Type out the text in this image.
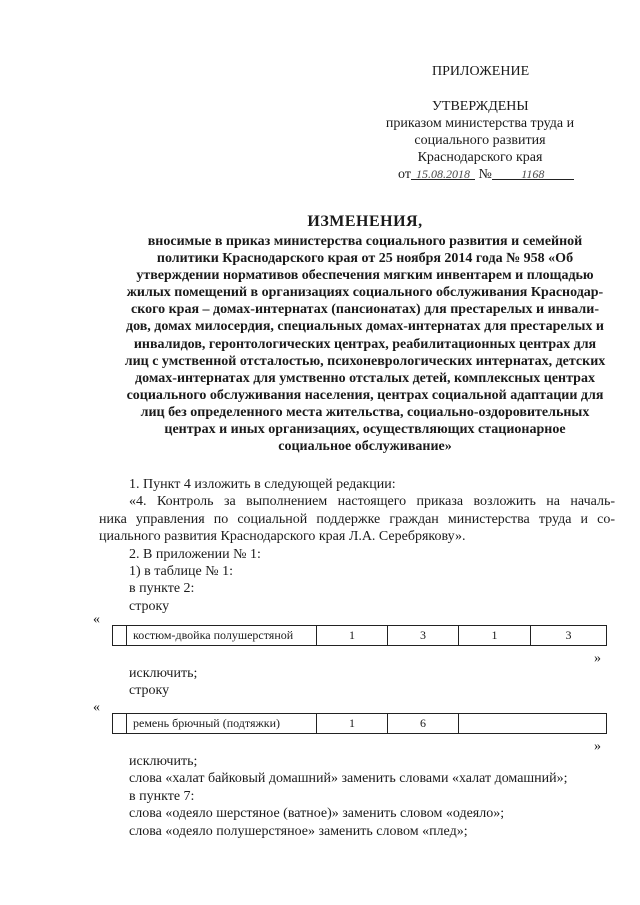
ПРИЛОЖЕНИЕ
УТВЕРЖДЕНЫ
приказом министерства труда и
социального развития
Краснодарского края
от 15.08.2018 № 1168
ИЗМЕНЕНИЯ,
вносимые в приказ министерства социального развития и семейной
политики Краснодарского края от 25 ноября 2014 года № 958 «Об
утверждении нормативов обеспечения мягким инвентарем и площадью
жилых помещений в организациях социального обслуживания Краснодар-
ского края – домах-интернатах (пансионатах) для престарелых и инвали-
дов, домах милосердия, специальных домах-интернатах для престарелых и
инвалидов, геронтологических центрах, реабилитационных центрах для
лиц с умственной отсталостью, психоневрологических интернатах, детских
домах-интернатах для умственно отсталых детей, комплексных центрах
социального обслуживания населения, центрах социальной адаптации для
лиц без определенного места жительства, социально-оздоровительных
центрах и иных организациях, осуществляющих стационарное
социальное обслуживание»
1. Пункт 4 изложить в следующей редакции:
«4. Контроль за выполнением настоящего приказа возложить на началь-
ника управления по социальной поддержке граждан министерства труда и со-
циального развития Краснодарского края Л.А. Серебрякову».
2. В приложении № 1:
1) в таблице № 1:
в пункте 2:
строку
«
костюм-двойка полушерстяной	1	3	1	3
»
исключить;
строку
«
ремень брючный (подтяжки)	1	6
»
исключить;
слова «халат байковый домашний» заменить словами «халат домашний»;
в пункте 7:
слова «одеяло шерстяное (ватное)» заменить словом «одеяло»;
слова «одеяло полушерстяное» заменить словом «плед»;
